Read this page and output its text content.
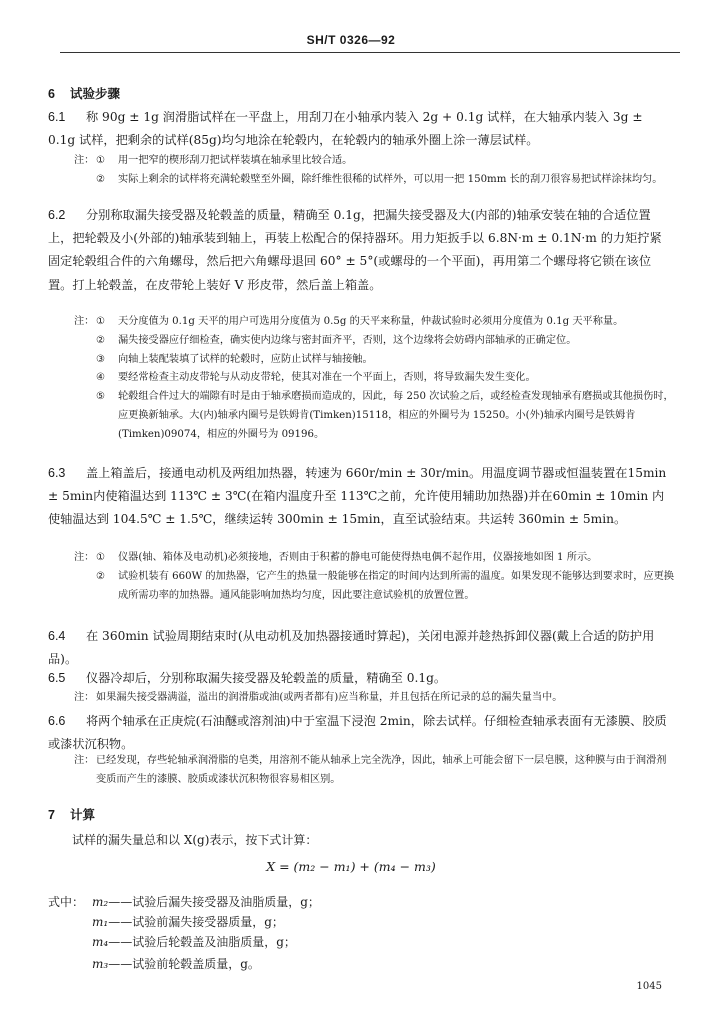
SH/T 0326—92
6 试验步骤
6.1 称 90g ± 1g 润滑脂试样在一平盘上，用刮刀在小轴承内装入 2g + 0.1g 试样，在大轴承内装入 3g ± 0.1g 试样，把剩余的试样(85g)均匀地涂在轮毂内，在轮毂内的轴承外圈上涂一薄层试样。
注： ① 用一把窄的楔形刮刀把试样装填在轴承里比较合适。
② 实际上剩余的试样将充满轮毂壁至外圈，除纤维性很稀的试样外，可以用一把 150mm 长的刮刀很容易把试样涂抹均匀。
6.2 分别称取漏失接受器及轮毂盖的质量，精确至 0.1g，把漏失接受器及大(内部的)轴承安装在轴的合适位置上，把轮毂及小(外部的)轴承装到轴上，再装上松配合的保持器环。用力矩扳手以 6.8N·m ± 0.1N·m 的力矩拧紧固定轮毂组合件的六角螺母，然后把六角螺母退回 60° ± 5°(或螺母的一个平面)，再用第二个螺母将它锁在该位置。打上轮毂盖，在皮带轮上装好 V 形皮带，然后盖上箱盖。
注： ① 天分度值为 0.1g 天平的用户可选用分度值为 0.5g 的天平来称量，仲裁试验时必须用分度值为 0.1g 天平称量。
② 漏失接受器应仔细检查，确实使内边缘与密封面齐平，否则，这个边缘将会妨碍内部轴承的正确定位。
③ 向轴上装配装填了试样的轮毂时，应防止试样与轴接触。
④ 要经常检查主动皮带轮与从动皮带轮，使其对准在一个平面上，否则，将导致漏失发生变化。
⑤ 轮毂组合件过大的端隙有时是由于轴承磨损而造成的，因此，每 250 次试验之后，或经检查发现轴承有磨损或其他损伤时，应更换新轴承。大(内)轴承内圈号是铁姆肯(Timken)15118，相应的外圈号为 15250。小(外)轴承内圈号是铁姆肯(Timken)09074，相应的外圈号为 09196。
6.3 盖上箱盖后，接通电动机及两组加热器，转速为 660r/min ± 30r/min。用温度调节器或恒温装置在15min ± 5min内使箱温达到 113℃ ± 3℃(在箱内温度升至 113℃之前，允许使用辅助加热器)并在60min ± 10min 内使轴温达到 104.5℃ ± 1.5℃，继续运转 300min ± 15min，直至试验结束。共运转 360min ± 5min。
注： ① 仪器(轴、箱体及电动机)必须接地，否则由于积蓄的静电可能使得热电偶不起作用，仪器接地如图 1 所示。
② 试验机装有 660W 的加热器，它产生的热量一般能够在指定的时间内达到所需的温度。如果发现不能够达到要求时，应更换成所需功率的加热器。通风能影响加热均匀度，因此要注意试验机的放置位置。
6.4 在 360min 试验周期结束时(从电动机及加热器接通时算起)，关闭电源并趁热拆卸仪器(戴上合适的防护用品)。
6.5 仪器冷却后，分别称取漏失接受器及轮毂盖的质量，精确至 0.1g。
注： 如果漏失接受器满溢，溢出的润滑脂或油(或两者都有)应当称量，并且包括在所记录的总的漏失量当中。
6.6 将两个轴承在正庚烷(石油醚或溶剂油)中于室温下浸泡 2min，除去试样。仔细检查轴承表面有无漆膜、胶质或漆状沉积物。
注： 已经发现，存些轮轴承润滑脂的皂类，用溶剂不能从轴承上完全洗净，因此，轴承上可能会留下一层皂膜，这种膜与由于润滑剂变质而产生的漆膜、胶质或漆状沉积物很容易相区别。
7 计算
试样的漏失量总和以 X(g)表示，按下式计算：
X = (m₂ − m₁) + (m₄ − m₃)
式中： m₂——试验后漏失接受器及油脂质量，g；
m₁——试验前漏失接受器质量，g；
m₄——试验后轮毂盖及油脂质量，g；
m₃——试验前轮毂盖质量，g。
1045
